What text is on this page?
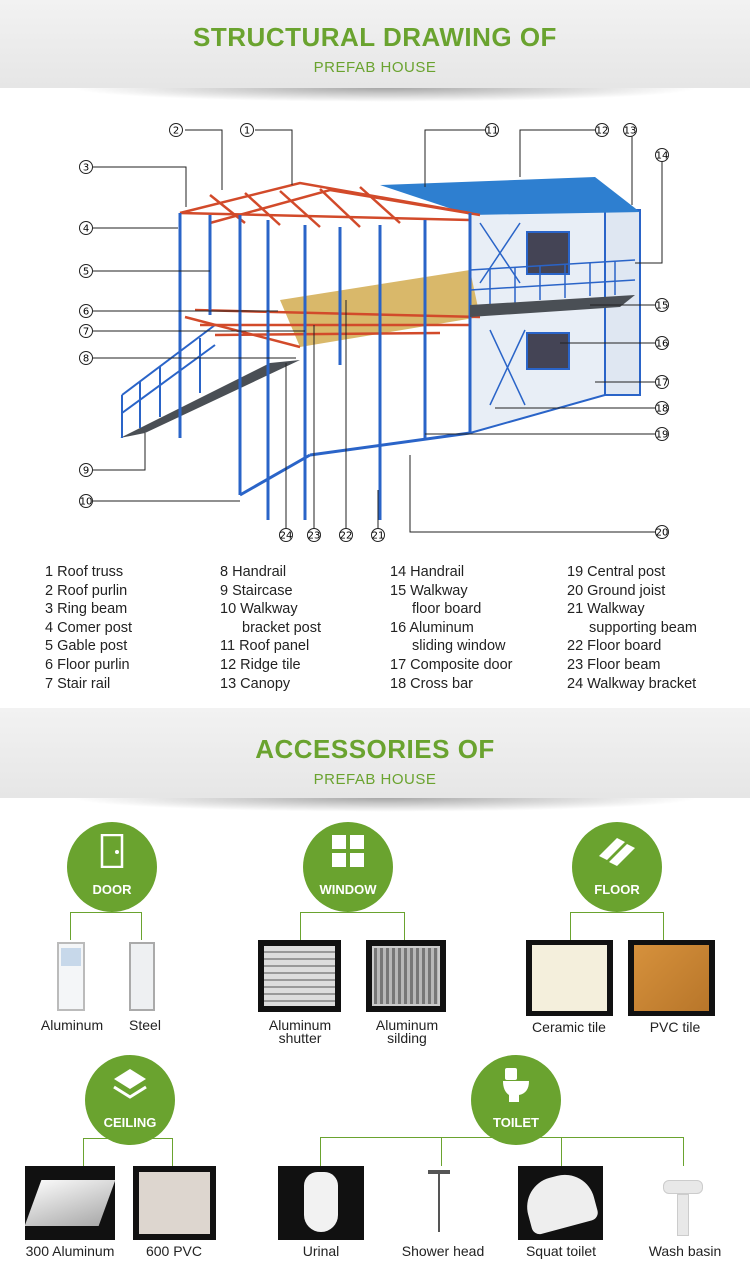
STRUCTURAL DRAWING OF
PREFAB HOUSE
1
2
3
4
5
6
7
8
9
10
11	12 13
14
15
16
17
18
19
20
21
22
23
24
1 Roof truss
2 Roof purlin
3 Ring beam
4 Comer post
5 Gable post
6 Floor purlin
7 Stair rail
8 Handrail
9 Staircase
10 Walkway
bracket post
11 Roof panel
12 Ridge tile
13 Canopy
14 Handrail
15 Walkway
floor board
16 Aluminum
sliding window
17 Composite door
18 Cross bar
19 Central post
20 Ground joist
21 Walkway
supporting beam
22 Floor board
23 Floor beam
24 Walkway bracket
ACCESSORIES OF
PREFAB HOUSE
DOOR
Aluminum	Steel
WINDOW
Aluminum
shutter
Aluminum
silding
FLOOR
Ceramic tile	PVC tile
CEILING
300 Aluminum	600 PVC
TOILET
Urinal	Shower head	Squat toilet	Wash basin
